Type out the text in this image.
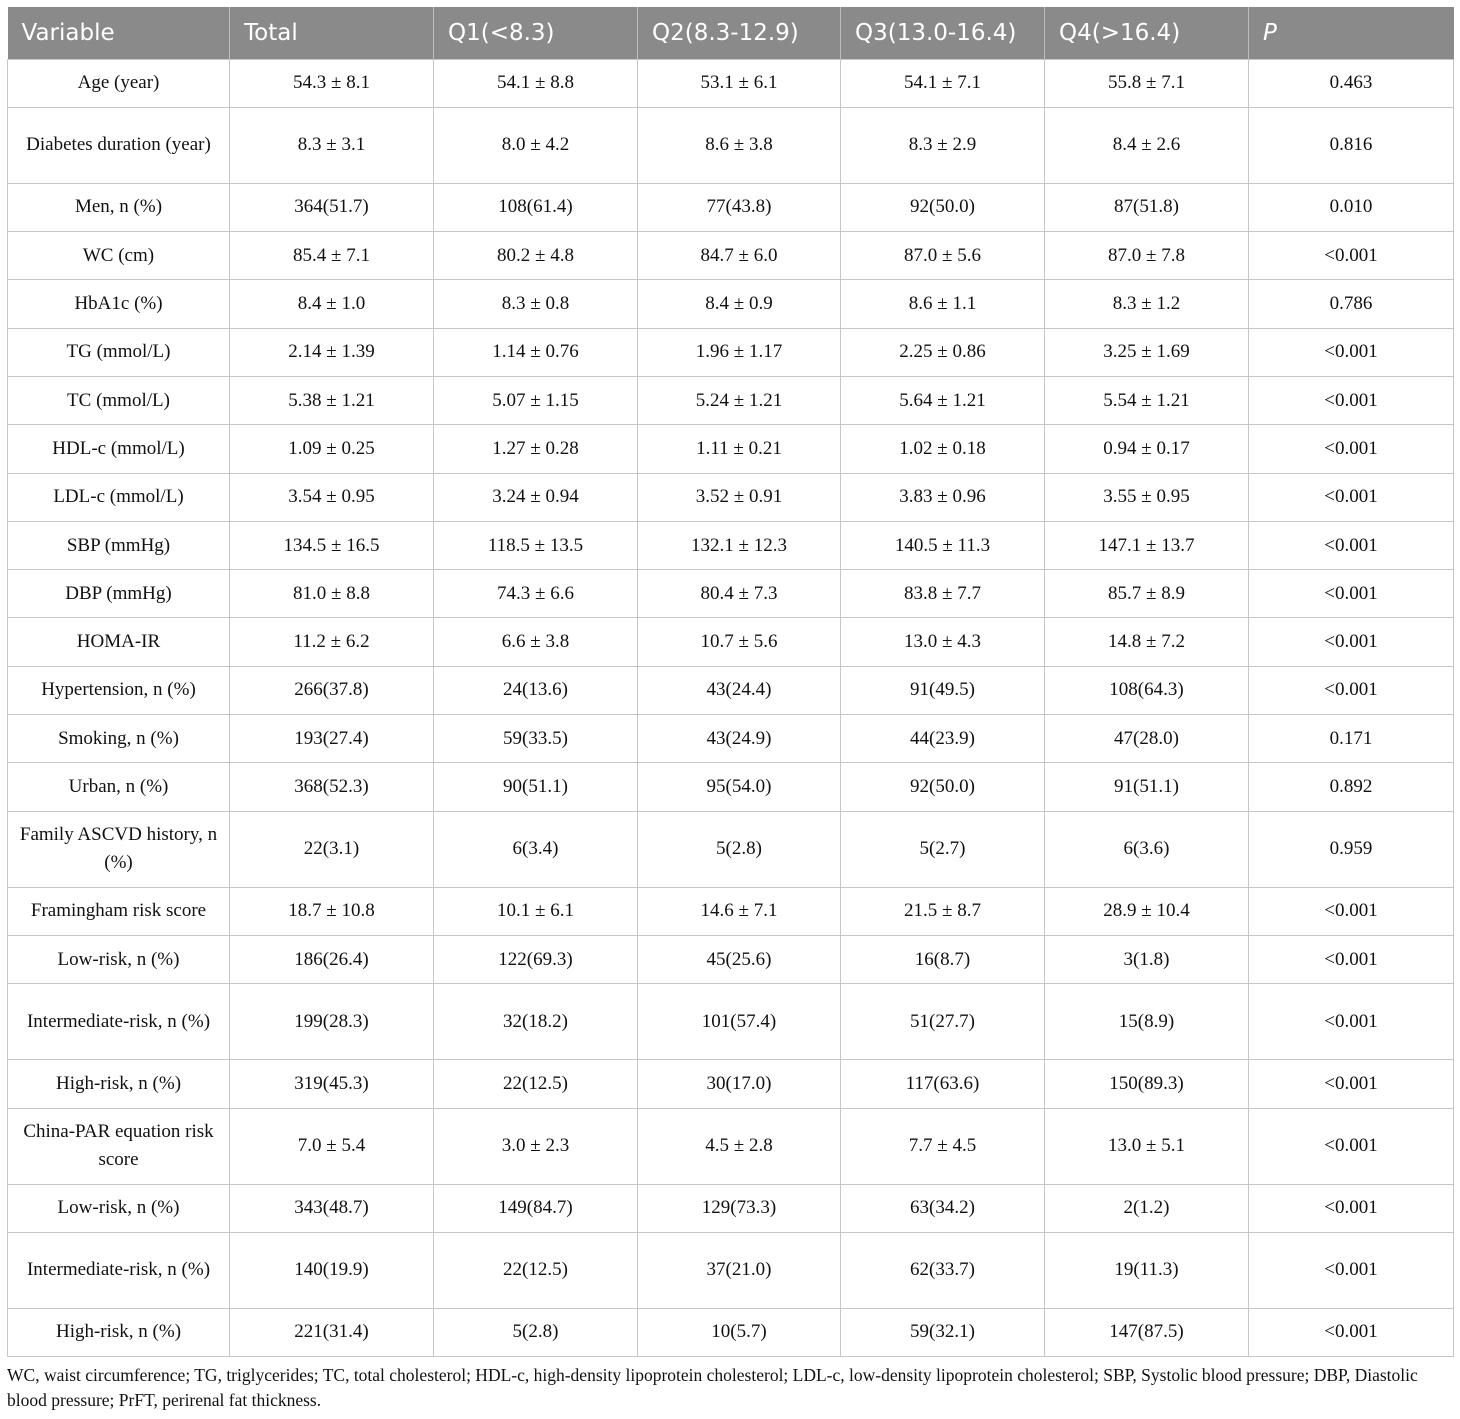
Variable	Total	Q1(<8.3)	Q2(8.3-12.9)	Q3(13.0-16.4)	Q4(>16.4)	P
Age (year)	54.3 ± 8.1	54.1 ± 8.8	53.1 ± 6.1	54.1 ± 7.1	55.8 ± 7.1	0.463
Diabetes duration (year)	8.3 ± 3.1	8.0 ± 4.2	8.6 ± 3.8	8.3 ± 2.9	8.4 ± 2.6	0.816
Men, n (%)	364(51.7)	108(61.4)	77(43.8)	92(50.0)	87(51.8)	0.010
WC (cm)	85.4 ± 7.1	80.2 ± 4.8	84.7 ± 6.0	87.0 ± 5.6	87.0 ± 7.8	<0.001
HbA1c (%)	8.4 ± 1.0	8.3 ± 0.8	8.4 ± 0.9	8.6 ± 1.1	8.3 ± 1.2	0.786
TG (mmol/L)	2.14 ± 1.39	1.14 ± 0.76	1.96 ± 1.17	2.25 ± 0.86	3.25 ± 1.69	<0.001
TC (mmol/L)	5.38 ± 1.21	5.07 ± 1.15	5.24 ± 1.21	5.64 ± 1.21	5.54 ± 1.21	<0.001
HDL-c (mmol/L)	1.09 ± 0.25	1.27 ± 0.28	1.11 ± 0.21	1.02 ± 0.18	0.94 ± 0.17	<0.001
LDL-c (mmol/L)	3.54 ± 0.95	3.24 ± 0.94	3.52 ± 0.91	3.83 ± 0.96	3.55 ± 0.95	<0.001
SBP (mmHg)	134.5 ± 16.5	118.5 ± 13.5	132.1 ± 12.3	140.5 ± 11.3	147.1 ± 13.7	<0.001
DBP (mmHg)	81.0 ± 8.8	74.3 ± 6.6	80.4 ± 7.3	83.8 ± 7.7	85.7 ± 8.9	<0.001
HOMA-IR	11.2 ± 6.2	6.6 ± 3.8	10.7 ± 5.6	13.0 ± 4.3	14.8 ± 7.2	<0.001
Hypertension, n (%)	266(37.8)	24(13.6)	43(24.4)	91(49.5)	108(64.3)	<0.001
Smoking, n (%)	193(27.4)	59(33.5)	43(24.9)	44(23.9)	47(28.0)	0.171
Urban, n (%)	368(52.3)	90(51.1)	95(54.0)	92(50.0)	91(51.1)	0.892
Family ASCVD history, n (%)	22(3.1)	6(3.4)	5(2.8)	5(2.7)	6(3.6)	0.959
Framingham risk score	18.7 ± 10.8	10.1 ± 6.1	14.6 ± 7.1	21.5 ± 8.7	28.9 ± 10.4	<0.001
Low-risk, n (%)	186(26.4)	122(69.3)	45(25.6)	16(8.7)	3(1.8)	<0.001
Intermediate-risk, n (%)	199(28.3)	32(18.2)	101(57.4)	51(27.7)	15(8.9)	<0.001
High-risk, n (%)	319(45.3)	22(12.5)	30(17.0)	117(63.6)	150(89.3)	<0.001
China-PAR equation risk score	7.0 ± 5.4	3.0 ± 2.3	4.5 ± 2.8	7.7 ± 4.5	13.0 ± 5.1	<0.001
Low-risk, n (%)	343(48.7)	149(84.7)	129(73.3)	63(34.2)	2(1.2)	<0.001
Intermediate-risk, n (%)	140(19.9)	22(12.5)	37(21.0)	62(33.7)	19(11.3)	<0.001
High-risk, n (%)	221(31.4)	5(2.8)	10(5.7)	59(32.1)	147(87.5)	<0.001

WC, waist circumference; TG, triglycerides; TC, total cholesterol; HDL-c, high-density lipoprotein cholesterol; LDL-c, low-density lipoprotein cholesterol; SBP, Systolic blood pressure; DBP, Diastolic blood pressure; PrFT, perirenal fat thickness.
